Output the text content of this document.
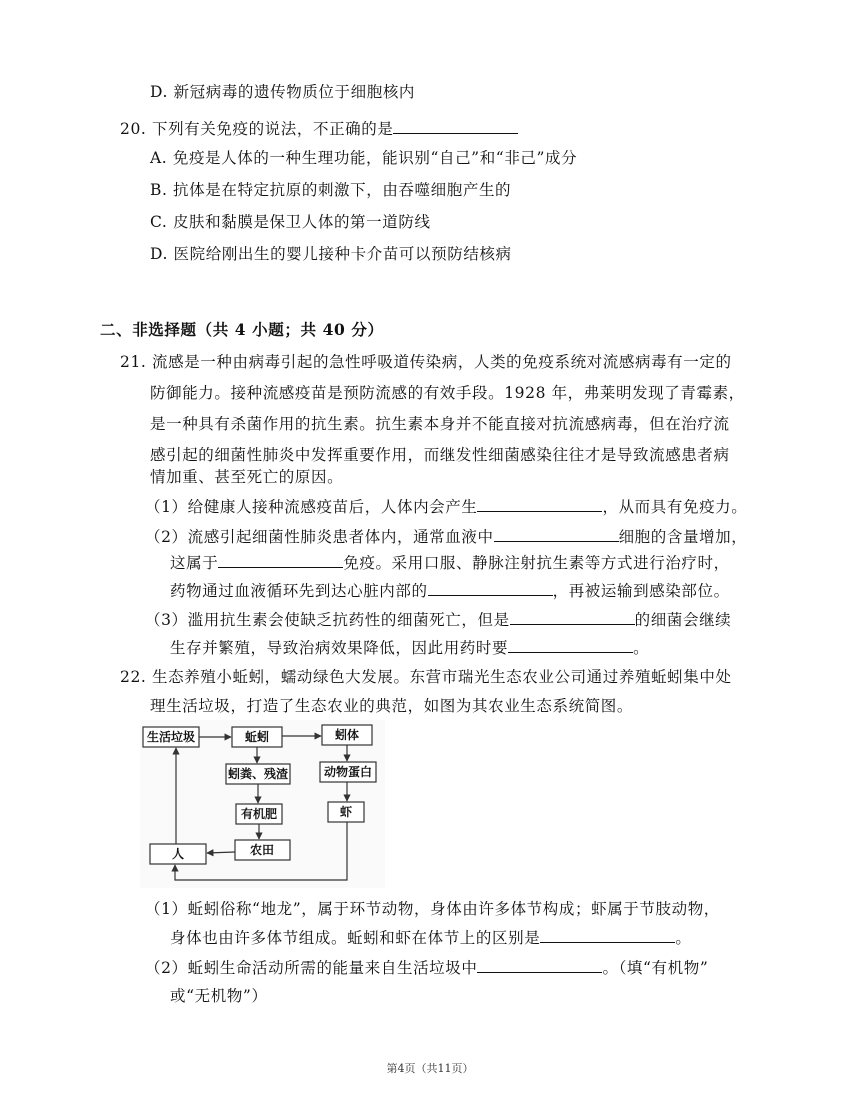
D. 新冠病毒的遗传物质位于细胞核内
20. 下列有关免疫的说法，不正确的是
A. 免疫是人体的一种生理功能，能识别“自己”和“非己”成分
B. 抗体是在特定抗原的刺激下，由吞噬细胞产生的
C. 皮肤和黏膜是保卫人体的第一道防线
D. 医院给刚出生的婴儿接种卡介苗可以预防结核病
二、非选择题（共 4 小题；共 40 分）
21. 流感是一种由病毒引起的急性呼吸道传染病，人类的免疫系统对流感病毒有一定的
防御能力。接种流感疫苗是预防流感的有效手段。1928 年，弗莱明发现了青霉素，
是一种具有杀菌作用的抗生素。抗生素本身并不能直接对抗流感病毒，但在治疗流
感引起的细菌性肺炎中发挥重要作用，而继发性细菌感染往往才是导致流感患者病
情加重、甚至死亡的原因。
（1）给健康人接种流感疫苗后，人体内会产生	，从而具有免疫力。
（2）流感引起细菌性肺炎患者体内，通常血液中	细胞的含量增加，
这属于	免疫。采用口服、静脉注射抗生素等方式进行治疗时，
药物通过血液循环先到达心脏内部的	，再被运输到感染部位。
（3）滥用抗生素会使缺乏抗药性的细菌死亡，但是	的细菌会继续
生存并繁殖，导致治病效果降低，因此用药时要	。
22. 生态养殖小蚯蚓，蠕动绿色大发展。东营市瑞光生态农业公司通过养殖蚯蚓集中处
理生活垃圾，打造了生态农业的典范，如图为其农业生态系统简图。
生活垃圾	蚯蚓	蚓体
蚓粪、残渣	动物蛋白
有机肥	虾
人	农田
（1）蚯蚓俗称“地龙”，属于环节动物，身体由许多体节构成；虾属于节肢动物，
身体也由许多体节组成。蚯蚓和虾在体节上的区别是	。
（2）蚯蚓生命活动所需的能量来自生活垃圾中	。（填“有机物”
或“无机物”）
第4页（共11页）
